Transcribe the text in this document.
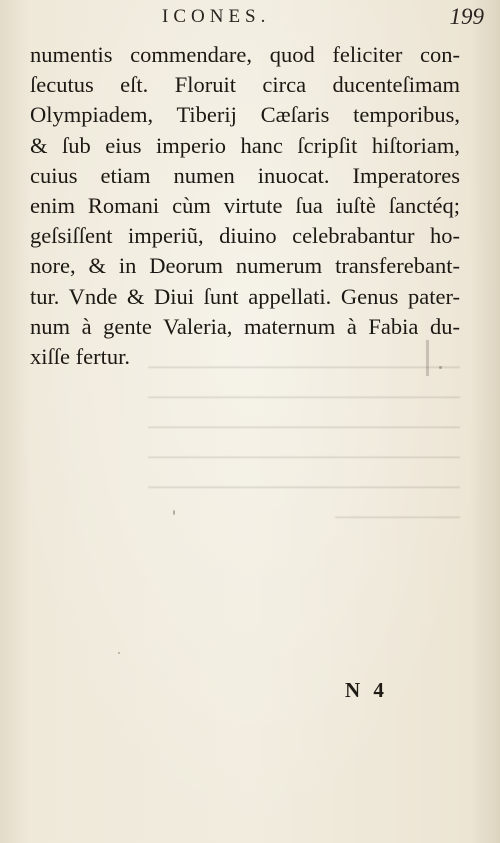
ICONES.	199
numentis commendare, quod feliciter con-
ſecutus eſt. Floruit circa ducenteſimam
Olympiadem, Tiberij Cæſaris temporibus,
& ſub eius imperio hanc ſcripſit hiſtoriam,
cuius etiam numen inuocat. Imperatores
enim Romani cùm virtute ſua iuſtè ſanctéq;
geſsiſſent imperiũ, diuino celebrabantur ho-
nore, & in Deorum numerum transferebant-
tur. Vnde & Diui ſunt appellati. Genus pater-
num à gente Valeria, maternum à Fabia du-
xiſſe fertur. ────────────────────
────────────────────
────────────────────
────────────────────
────────────────────
────────
N 4
